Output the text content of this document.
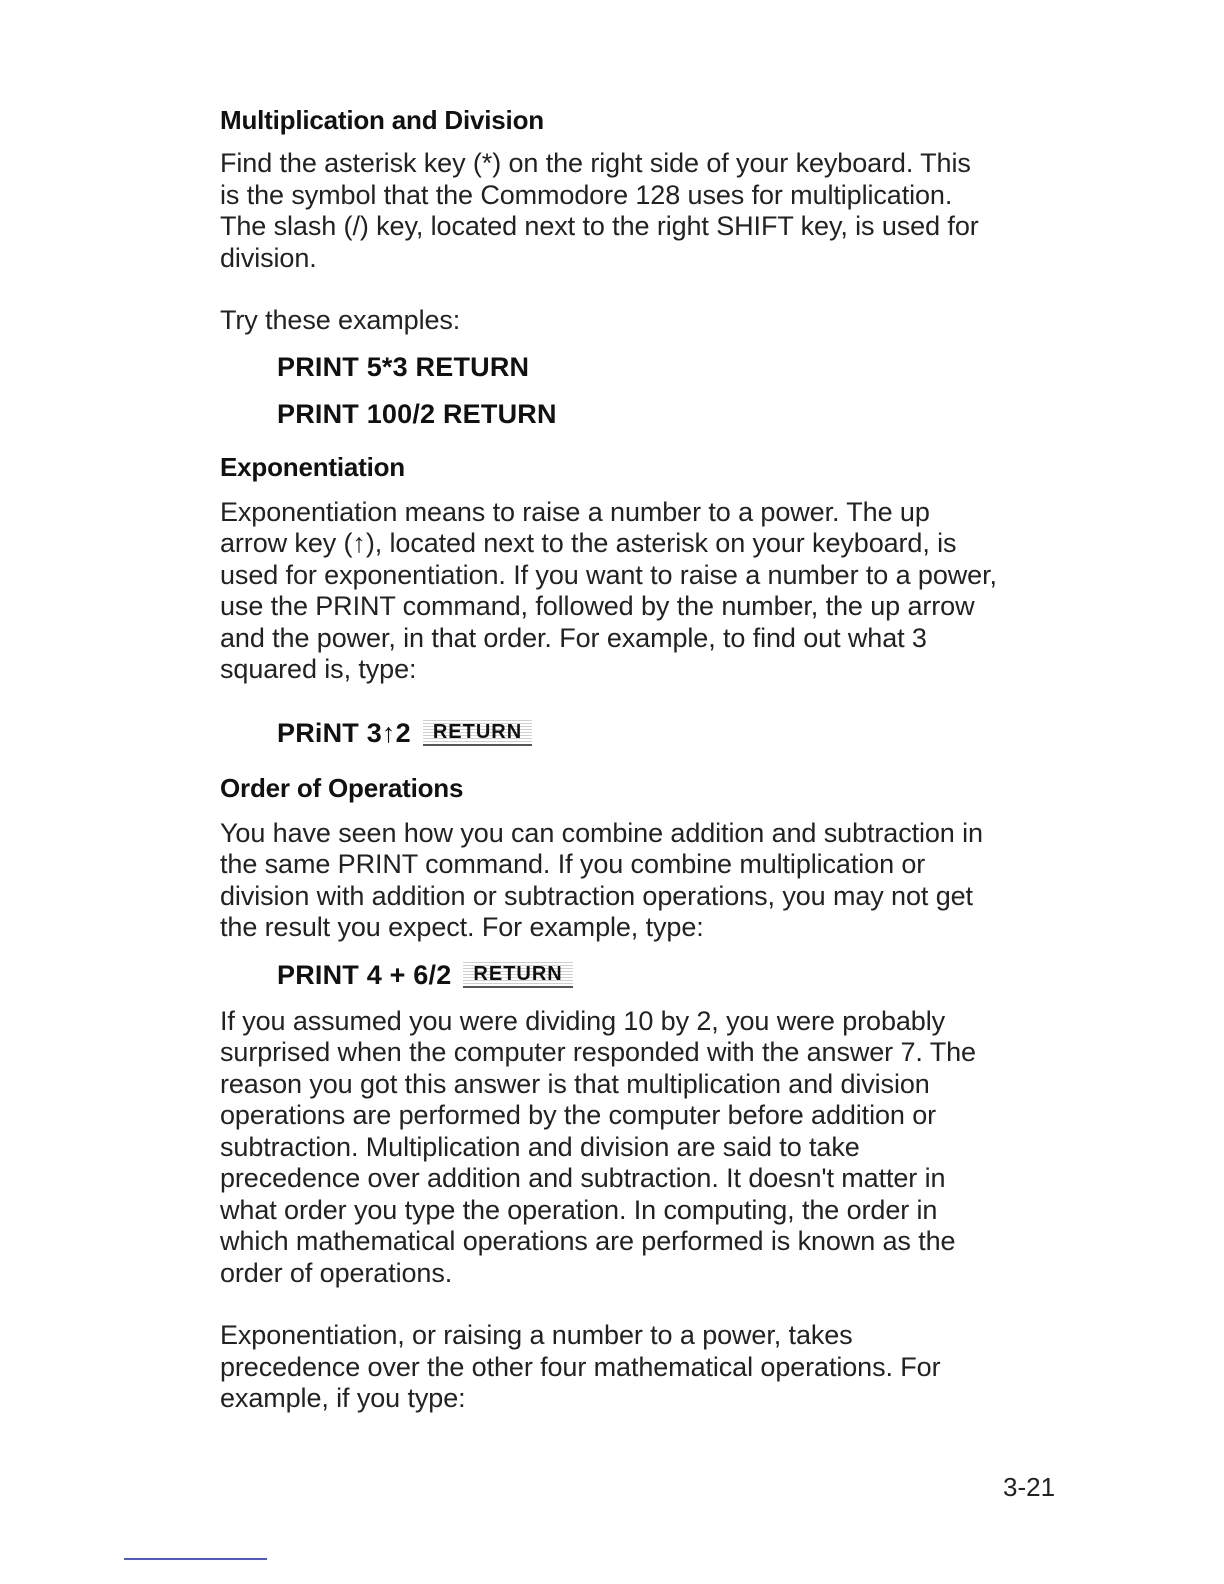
Multiplication and Division

Find the asterisk key (*) on the right side of your keyboard. This
is the symbol that the Commodore 128 uses for multiplication.
The slash (/) key, located next to the right SHIFT key, is used for
division.

Try these examples:

PRINT 5*3 RETURN
PRINT 100/2 RETURN
Exponentiation

Exponentiation means to raise a number to a power. The up
arrow key (↑), located next to the asterisk on your keyboard, is
used for exponentiation. If you want to raise a number to a power,
use the PRINT command, followed by the number, the up arrow
and the power, in that order. For example, to find out what 3
squared is, type:

PRiNT 3↑2	RETURN
Order of Operations

You have seen how you can combine addition and subtraction in
the same PRINT command. If you combine multiplication or
division with addition or subtraction operations, you may not get
the result you expect. For example, type:

PRINT 4 + 6/2	RETURN

If you assumed you were dividing 10 by 2, you were probably
surprised when the computer responded with the answer 7. The
reason you got this answer is that multiplication and division
operations are performed by the computer before addition or
subtraction. Multiplication and division are said to take
precedence over addition and subtraction. It doesn't matter in
what order you type the operation. In computing, the order in
which mathematical operations are performed is known as the
order of operations.

Exponentiation, or raising a number to a power, takes
precedence over the other four mathematical operations. For
example, if you type:

3-21
